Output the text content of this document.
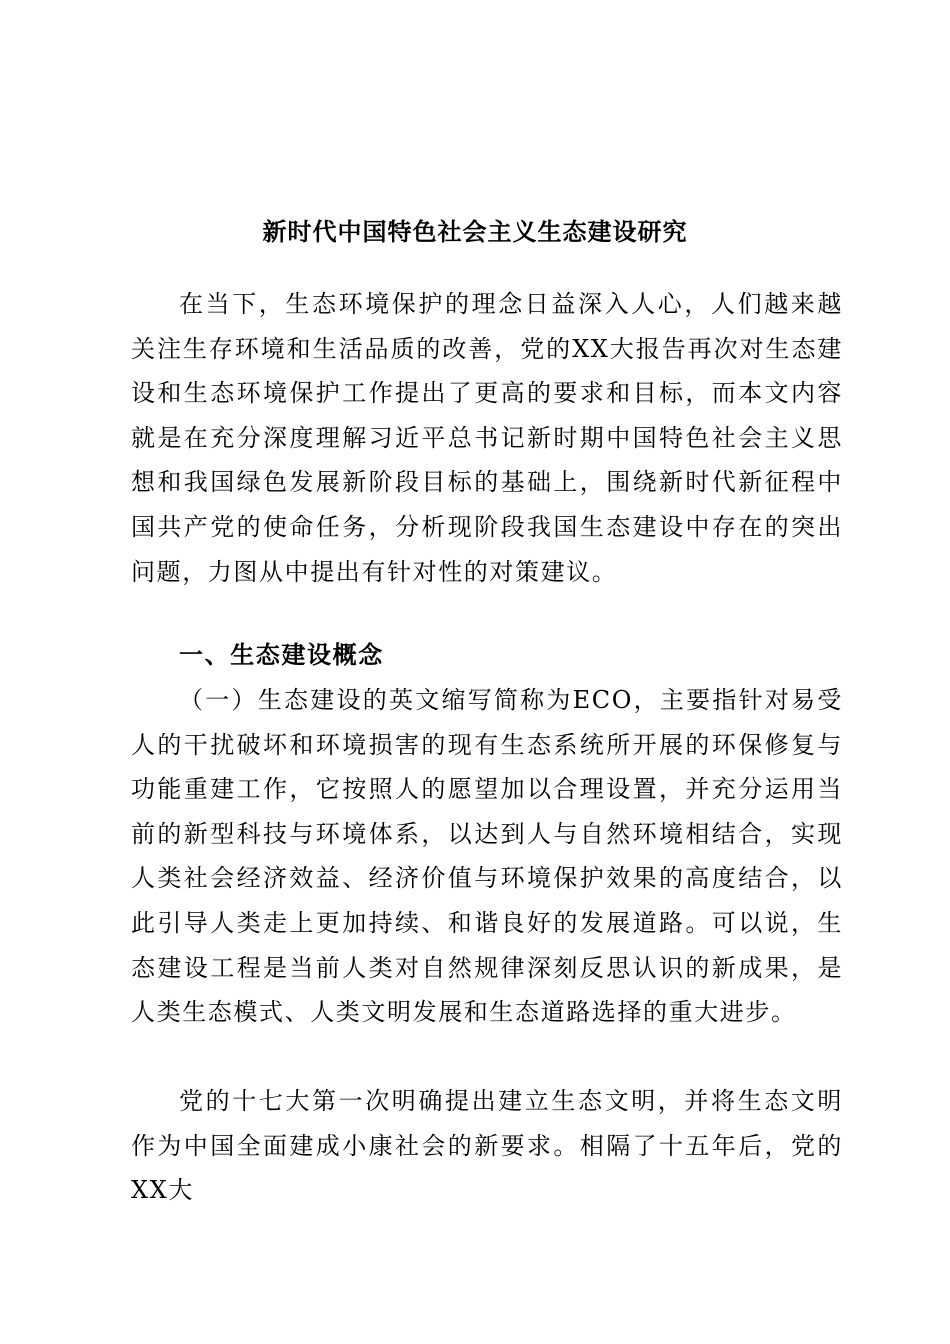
新时代中国特色社会主义生态建设研究

在当下，生态环境保护的理念日益深入人心，人们越来越关注生存环境和生活品质的改善，党的XX大报告再次对生态建设和生态环境保护工作提出了更高的要求和目标，而本文内容就是在充分深度理解习近平总书记新时期中国特色社会主义思想和我国绿色发展新阶段目标的基础上，围绕新时代新征程中国共产党的使命任务，分析现阶段我国生态建设中存在的突出问题，力图从中提出有针对性的对策建议。

一、生态建设概念

（一）生态建设的英文缩写简称为ECO，主要指针对易受人的干扰破坏和环境损害的现有生态系统所开展的环保修复与功能重建工作，它按照人的愿望加以合理设置，并充分运用当前的新型科技与环境体系，以达到人与自然环境相结合，实现人类社会经济效益、经济价值与环境保护效果的高度结合，以此引导人类走上更加持续、和谐良好的发展道路。可以说，生态建设工程是当前人类对自然规律深刻反思认识的新成果，是人类生态模式、人类文明发展和生态道路选择的重大进步。

党的十七大第一次明确提出建立生态文明，并将生态文明作为中国全面建成小康社会的新要求。相隔了十五年后，党的XX大
